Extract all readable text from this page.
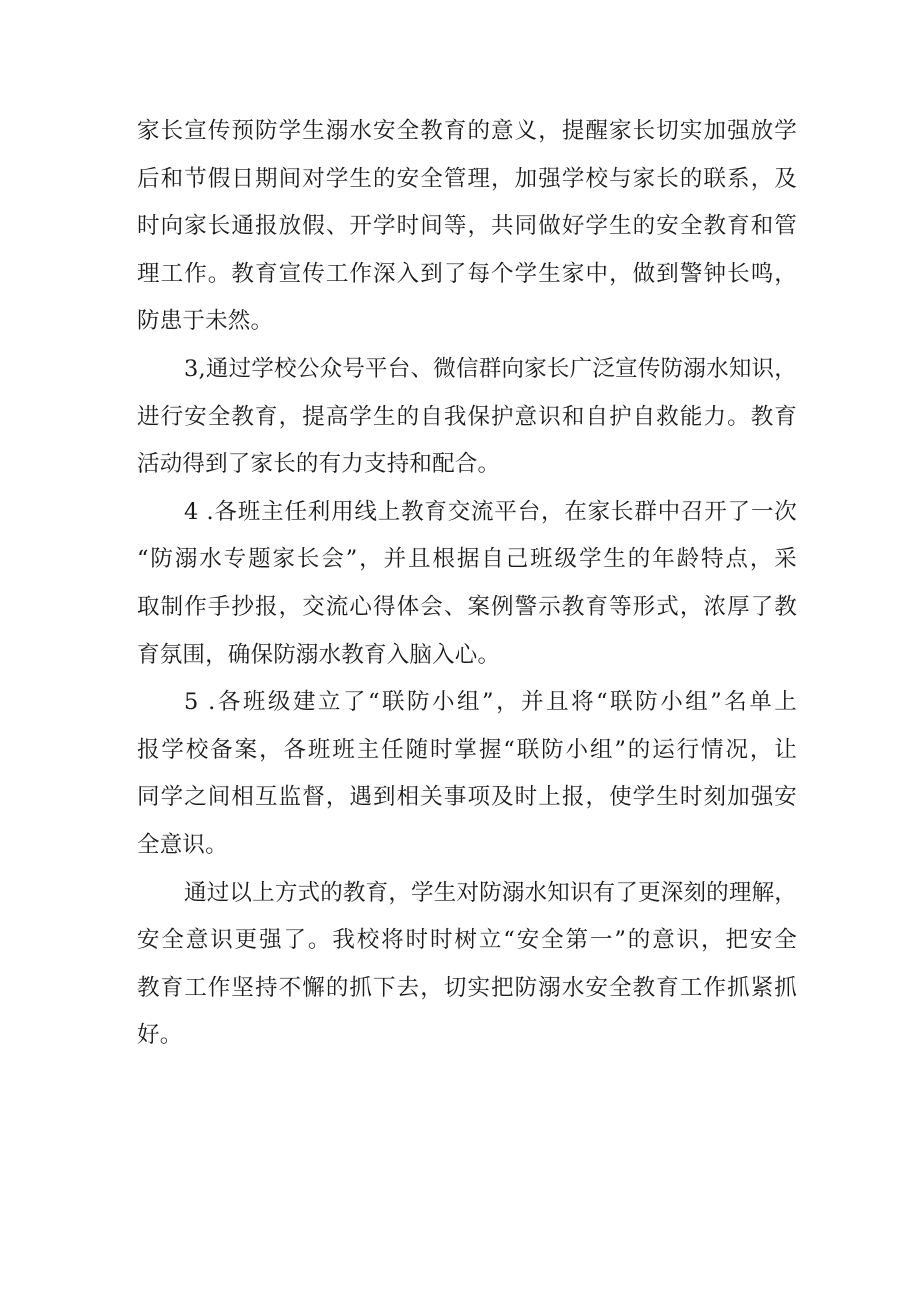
家长宣传预防学生溺水安全教育的意义，提醒家长切实加强放学
后和节假日期间对学生的安全管理，加强学校与家长的联系，及
时向家长通报放假、开学时间等，共同做好学生的安全教育和管
理工作。教育宣传工作深入到了每个学生家中，做到警钟长鸣，
防患于未然。
3,通过学校公众号平台、微信群向家长广泛宣传防溺水知识，
进行安全教育，提高学生的自我保护意识和自护自救能力。教育
活动得到了家长的有力支持和配合。
4 .各班主任利用线上教育交流平台，在家长群中召开了一次
“防溺水专题家长会”，并且根据自己班级学生的年龄特点，采
取制作手抄报，交流心得体会、案例警示教育等形式，浓厚了教
育氛围，确保防溺水教育入脑入心。
5 .各班级建立了“联防小组”，并且将“联防小组”名单上
报学校备案，各班班主任随时掌握“联防小组”的运行情况，让
同学之间相互监督，遇到相关事项及时上报，使学生时刻加强安
全意识。
通过以上方式的教育，学生对防溺水知识有了更深刻的理解，
安全意识更强了。我校将时时树立“安全第一”的意识，把安全
教育工作坚持不懈的抓下去，切实把防溺水安全教育工作抓紧抓
好。
